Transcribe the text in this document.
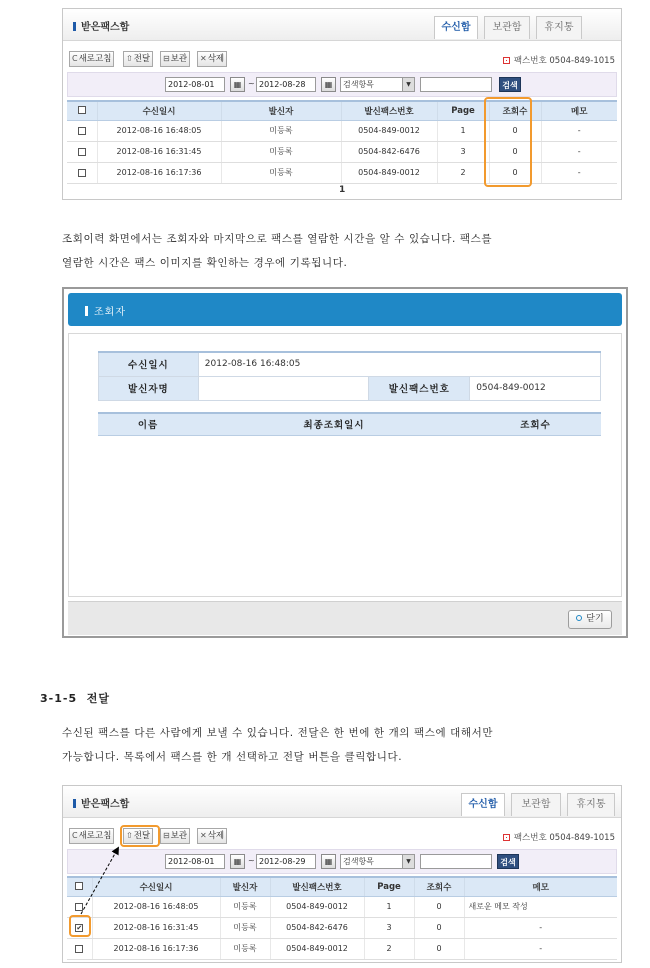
받은팩스함	수신함	보관함	휴지통
C새로고침	⇧전달	⊟보관	✕삭제	팩스번호 0504-849-1015
2012-08-01	▦ ~ 2012-08-28	▦	검색항목	▼	검색
	수신일시	발신자	발신팩스번호	Page	조회수	메모
	2012-08-16 16:48:05	미등록	0504-849-0012	1	0	-
	2012-08-16 16:31:45	미등록	0504-842-6476	3	0	-
	2012-08-16 16:17:36	미등록	0504-849-0012	2	0	-
1
조회이력 화면에서는 조회자와 마지막으로 팩스를 열람한 시간을 알 수 있습니다. 팩스를
열람한 시간은 팩스 이미지를 확인하는 경우에 기록됩니다.
조회자
수신일시	2012-08-16 16:48:05		
발신자명		발신팩스번호	0504-849-0012
이름	최종조회일시	조회수
닫기
3-1-5 전달
수신된 팩스를 다른 사람에게 보낼 수 있습니다. 전달은 한 번에 한 개의 팩스에 대해서만
가능합니다. 목록에서 팩스를 한 개 선택하고 전달 버튼을 클릭합니다.
받은팩스함	수신함	보관함	휴지통
C새로고침	⇧전달	⊟보관	✕삭제	팩스번호 0504-849-1015
2012-08-01	▦ ~ 2012-08-29	▦	검색항목	▼	검색
	수신일시	발신자	발신팩스번호	Page	조회수	메모
	2012-08-16 16:48:05	미등록	0504-849-0012	1	0	새로운 메모 작성
✔	2012-08-16 16:31:45	미등록	0504-842-6476	3	0	-
	2012-08-16 16:17:36	미등록	0504-849-0012	2	0	-
